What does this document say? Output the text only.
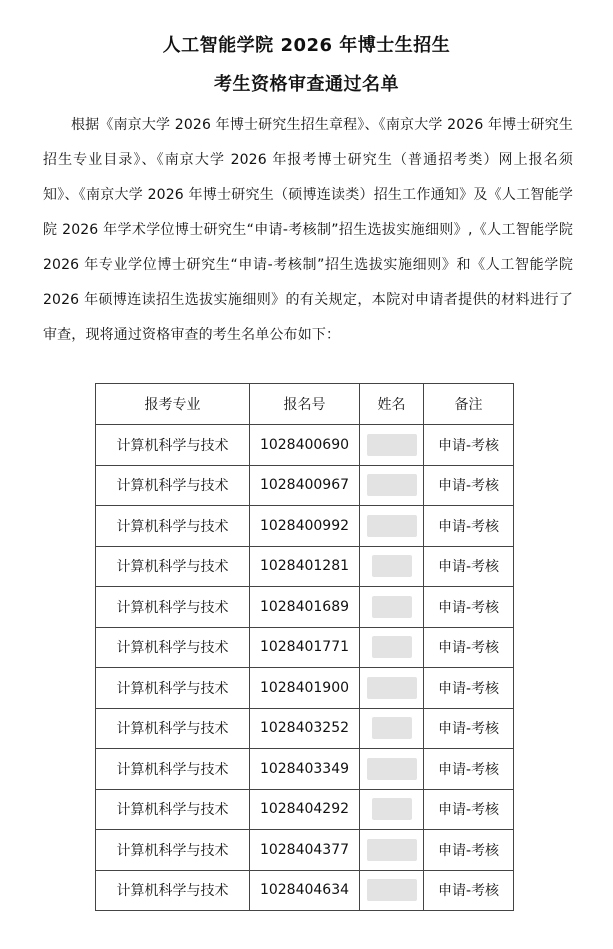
人工智能学院 2026 年博士生招生
考生资格审查通过名单
根据《南京大学 2026 年博士研究生招生章程》、《南京大学 2026 年博士研究生招生专业目录》、《南京大学 2026 年报考博士研究生（普通招考类）网上报名须知》、《南京大学 2026 年博士研究生（硕博连读类）招生工作通知》及《人工智能学院 2026 年学术学位博士研究生“申请-考核制”招生选拔实施细则》,《人工智能学院　2026 年专业学位博士研究生“申请-考核制”招生选拔实施细则》和《人工智能学院 2026 年硕博连读招生选拔实施细则》的有关规定，本院对申请者提供的材料进行了审查，现将通过资格审查的考生名单公布如下：
报考专业	报名号	姓名	备注
计算机科学与技术	1028400690		申请-考核
计算机科学与技术	1028400967		申请-考核
计算机科学与技术	1028400992		申请-考核
计算机科学与技术	1028401281		申请-考核
计算机科学与技术	1028401689		申请-考核
计算机科学与技术	1028401771		申请-考核
计算机科学与技术	1028401900		申请-考核
计算机科学与技术	1028403252		申请-考核
计算机科学与技术	1028403349		申请-考核
计算机科学与技术	1028404292		申请-考核
计算机科学与技术	1028404377		申请-考核
计算机科学与技术	1028404634		申请-考核
